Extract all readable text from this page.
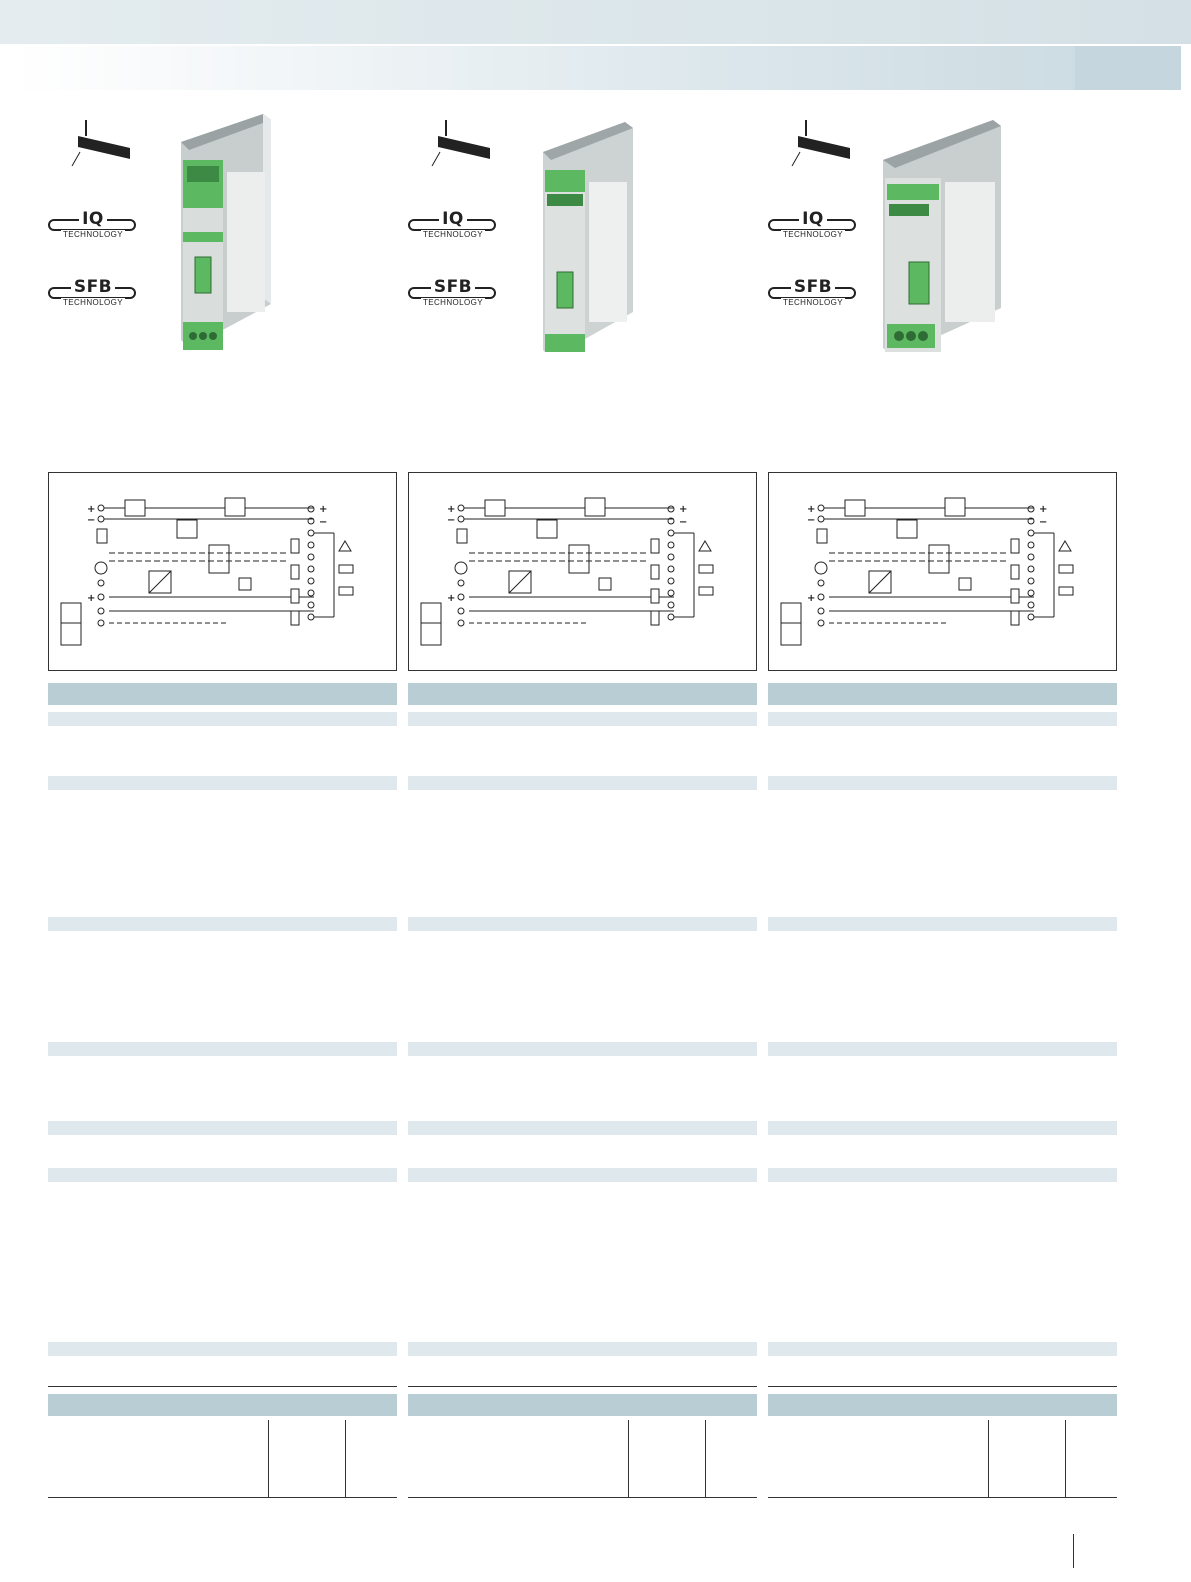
IQ
TECHNOLOGY
SFB
TECHNOLOGY
+
−
+
−
+
IQ
TECHNOLOGY
SFB
TECHNOLOGY
+
−
+
−
+
IQ
TECHNOLOGY
SFB
TECHNOLOGY
+
−
+
−
+
